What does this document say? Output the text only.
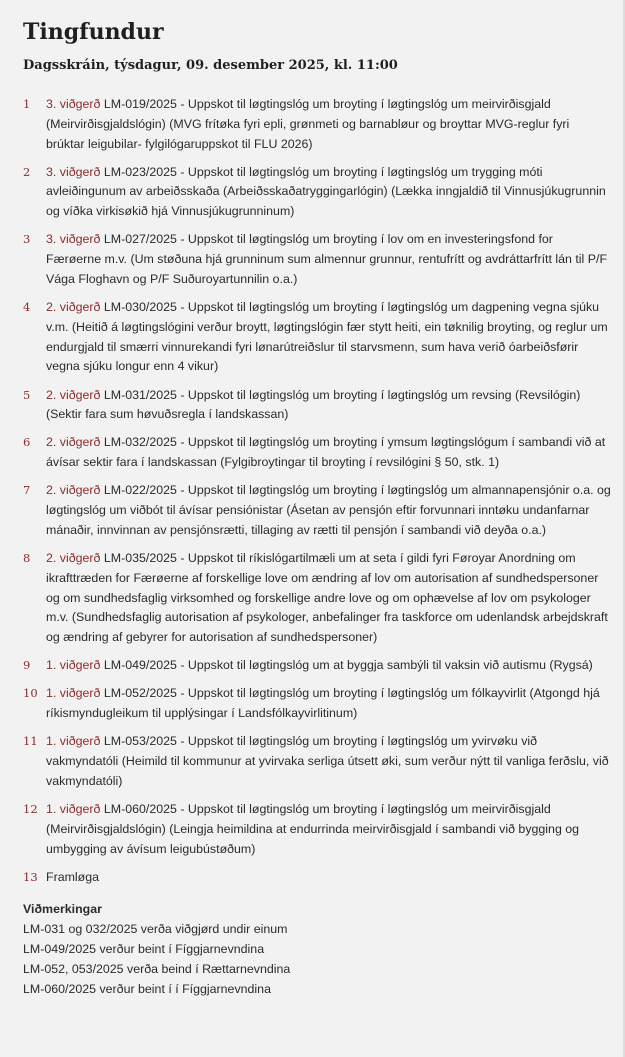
Tingfundur
Dagsskráin, týsdagur, 09. desember 2025, kl. 11:00
1 3. viðgerð LM-019/2025 - Uppskot til løgtingslóg um broyting í løgtingslóg um meirvirðisgjald (Meirvirðisgjaldslógin) (MVG frítøka fyri epli, grønmeti og barnabløur og broyttar MVG-reglur fyri brúktar leigubilar- fylgilógaruppskot til FLU 2026)
2 3. viðgerð LM-023/2025 - Uppskot til løgtingslóg um broyting í løgtingslóg um trygging móti avleiðingunum av arbeiðsskaða (Arbeiðsskaðatryggingarlógin) (Lækka inngjaldið til Vinnusjúkugrunnin og víðka virkisøkið hjá Vinnusjúkugrunninum)
3 3. viðgerð LM-027/2025 - Uppskot til løgtingslóg um broyting í lov om en investeringsfond for Færøerne m.v. (Um støðuna hjá grunninum sum almennur grunnur, rentufrítt og avdráttarfrítt lán til P/F Vága Floghavn og P/F Suðuroyartunnilin o.a.)
4 2. viðgerð LM-030/2025 - Uppskot til løgtingslóg um broyting í løgtingslóg um dagpening vegna sjúku v.m. (Heitið á løgtingslógini verður broytt, løgtingslógin fær stytt heiti, ein tøknilig broyting, og reglur um endurgjald til smærri vinnurekandi fyri lønarútreiðslur til starvsmenn, sum hava verið óarbeiðsførir vegna sjúku longur enn 4 vikur)
5 2. viðgerð LM-031/2025 - Uppskot til løgtingslóg um broyting í løgtingslóg um revsing (Revsilógin) (Sektir fara sum høvuðsregla í landskassan)
6 2. viðgerð LM-032/2025 - Uppskot til løgtingslóg um broyting í ymsum løgtingslógum í sambandi við at ávísar sektir fara í landskassan (Fylgibroytingar til broyting í revsilógini § 50, stk. 1)
7 2. viðgerð LM-022/2025 - Uppskot til løgtingslóg um broyting í løgtingslóg um almannapensjónir o.a. og løgtingslóg um viðbót til ávísar pensiónistar (Ásetan av pensjón eftir forvunnari inntøku undanfarnar mánaðir, innvinnan av pensjónsrætti, tillaging av rætti til pensjón í sambandi við deyða o.a.)
8 2. viðgerð LM-035/2025 - Uppskot til ríkislógartilmæli um at seta í gildi fyri Føroyar Anordning om ikrafttræden for Færøerne af forskellige love om ændring af lov om autorisation af sundhedspersoner og om sundhedsfaglig virksomhed og forskellige andre love og om ophævelse af lov om psykologer m.v. (Sundhedsfaglig autorisation af psykologer, anbefalinger fra taskforce om udenlandsk arbejdskraft og ændring af gebyrer for autorisation af sundhedspersoner)
9 1. viðgerð LM-049/2025 - Uppskot til løgtingslóg um at byggja sambýli til vaksin við autismu (Rygsá)
10 1. viðgerð LM-052/2025 - Uppskot til løgtingslóg um broyting í løgtingslóg um fólkayvirlit (Atgongd hjá ríkismyndugleikum til upplýsingar í Landsfólkayvirlitinum)
11 1. viðgerð LM-053/2025 - Uppskot til løgtingslóg um broyting í løgtingslóg um yvirvøku við vakmyndatóli (Heimild til kommunur at yvirvaka serliga útsett øki, sum verður nýtt til vanliga ferðslu, við vakmyndatóli)
12 1. viðgerð LM-060/2025 - Uppskot til løgtingslóg um broyting í løgtingslóg um meirvirðisgjald (Meirvirðisgjaldslógin) (Leingja heimildina at endurrinda meirvirðisgjald í sambandi við bygging og umbygging av ávísum leigubústøðum)
13 Framløga
Viðmerkingar
LM-031 og 032/2025 verða viðgjørd undir einum
LM-049/2025 verður beint í Fíggjarnevndina
LM-052, 053/2025 verða beind í Rættarnevndina
LM-060/2025 verður beint í í Fíggjarnevndina
